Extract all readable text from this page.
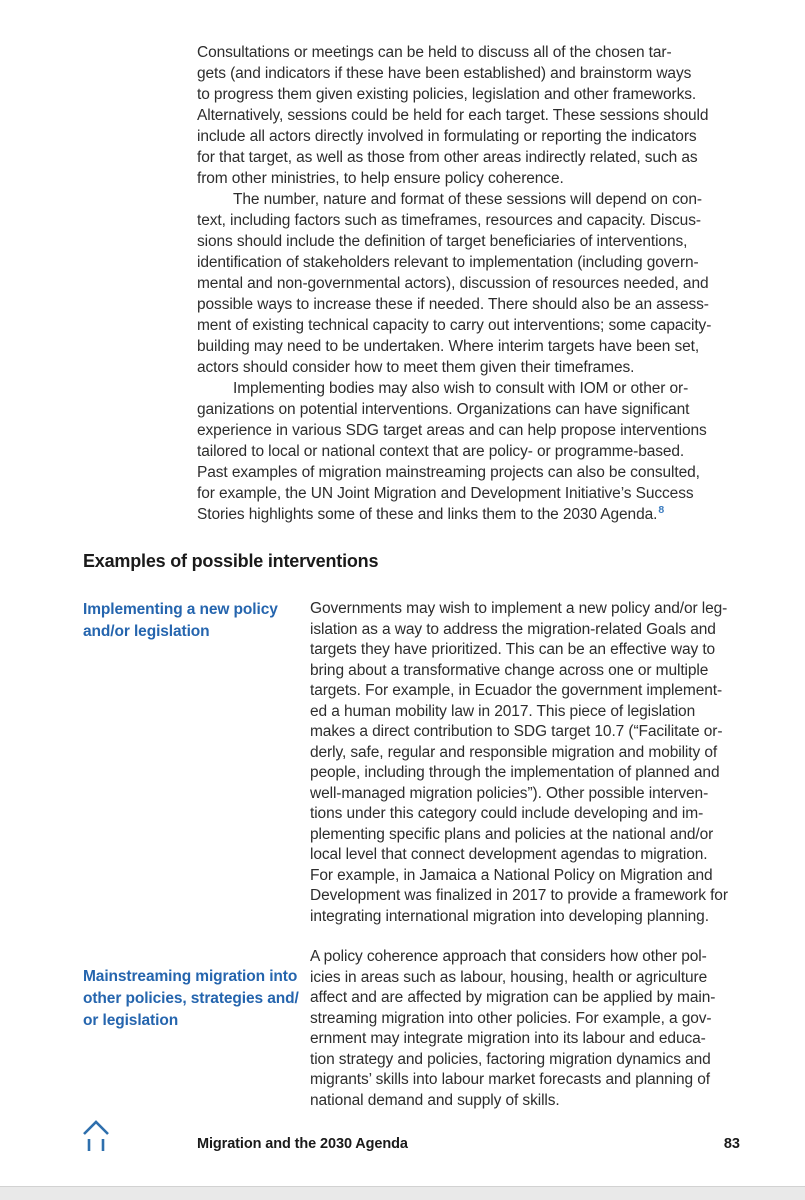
Consultations or meetings can be held to discuss all of the chosen tar-
gets (and indicators if these have been established) and brainstorm ways
to progress them given existing policies, legislation and other frameworks.
Alternatively, sessions could be held for each target. These sessions should
include all actors directly involved in formulating or reporting the indicators
for that target, as well as those from other areas indirectly related, such as
from other ministries, to help ensure policy coherence.
The number, nature and format of these sessions will depend on con-
text, including factors such as timeframes, resources and capacity. Discus-
sions should include the definition of target beneficiaries of interventions,
identification of stakeholders relevant to implementation (including govern-
mental and non-governmental actors), discussion of resources needed, and
possible ways to increase these if needed. There should also be an assess-
ment of existing technical capacity to carry out interventions; some capacity-
building may need to be undertaken. Where interim targets have been set,
actors should consider how to meet them given their timeframes.
Implementing bodies may also wish to consult with IOM or other or-
ganizations on potential interventions. Organizations can have significant
experience in various SDG target areas and can help propose interventions
tailored to local or national context that are policy- or programme-based.
Past examples of migration mainstreaming projects can also be consulted,
for example, the UN Joint Migration and Development Initiative’s Success
Stories highlights some of these and links them to the 2030 Agenda.$^8$
Examples of possible interventions
Implementing a new policy
and/or legislation
Governments may wish to implement a new policy and/or leg-
islation as a way to address the migration-related Goals and
targets they have prioritized. This can be an effective way to
bring about a transformative change across one or multiple
targets. For example, in Ecuador the government implement-
ed a human mobility law in 2017. This piece of legislation
makes a direct contribution to SDG target 10.7 (“Facilitate or-
derly, safe, regular and responsible migration and mobility of
people, including through the implementation of planned and
well-managed migration policies”). Other possible interven-
tions under this category could include developing and im-
plementing specific plans and policies at the national and/or
local level that connect development agendas to migration.
For example, in Jamaica a National Policy on Migration and
Development was finalized in 2017 to provide a framework for
integrating international migration into developing planning.
Mainstreaming migration into
other policies, strategies and/
or legislation
A policy coherence approach that considers how other pol-
icies in areas such as labour, housing, health or agriculture
affect and are affected by migration can be applied by main-
streaming migration into other policies. For example, a gov-
ernment may integrate migration into its labour and educa-
tion strategy and policies, factoring migration dynamics and
migrants’ skills into labour market forecasts and planning of
national demand and supply of skills.
Migration and the 2030 Agenda	83
